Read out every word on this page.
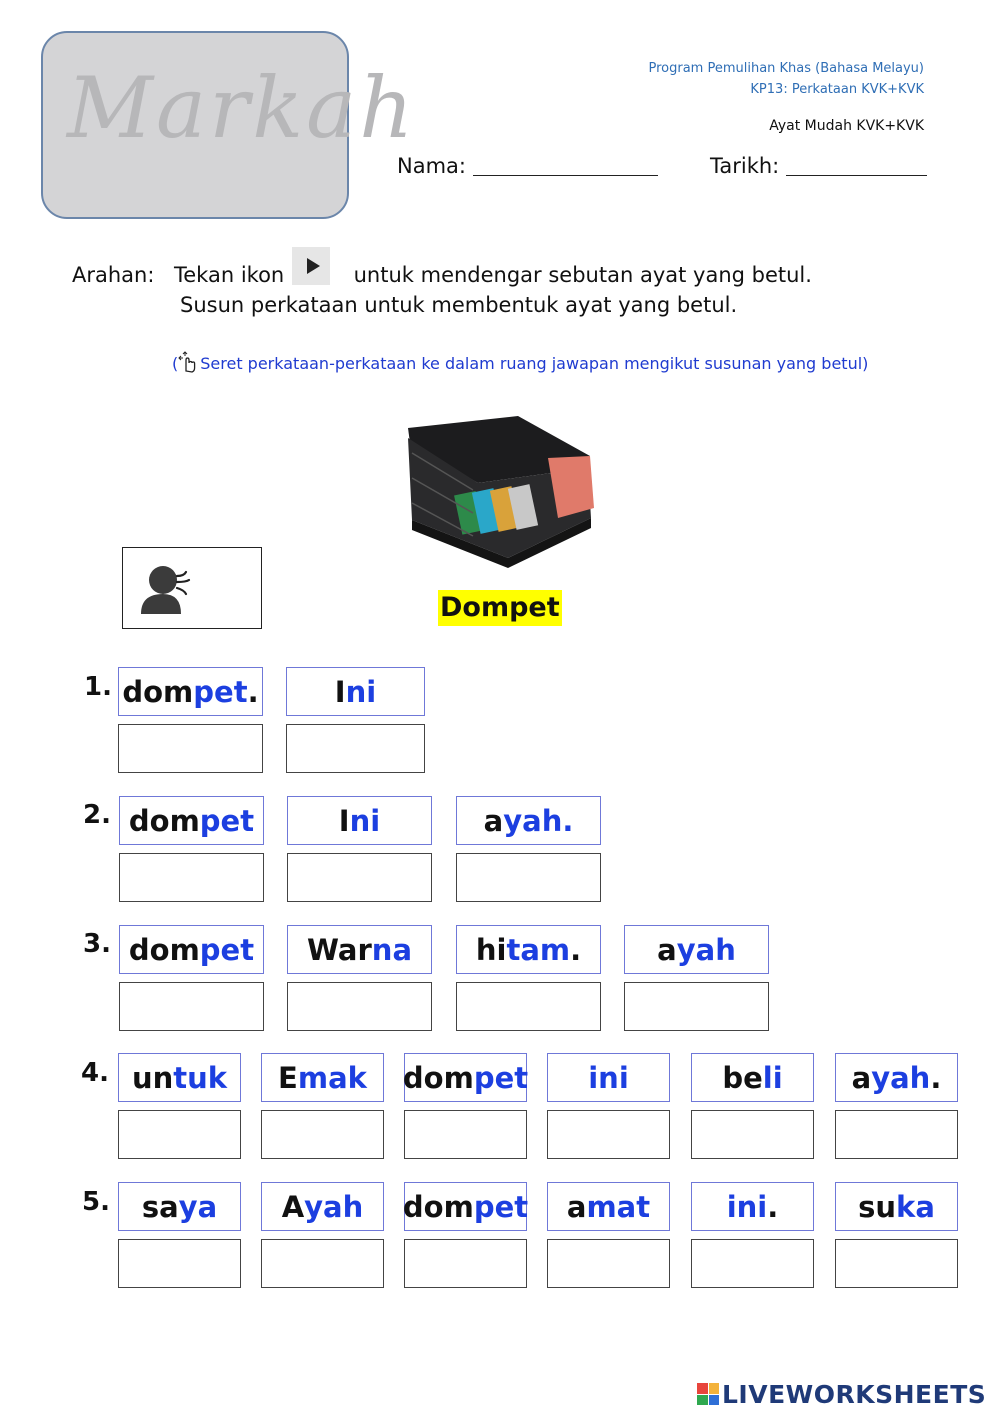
Markah	Program Pemulihan Khas (Bahasa Melayu)
KP13: Perkataan KVK+KVK
Ayat Mudah KVK+KVK
Nama:	Tarikh:
Arahan: Tekan ikon	untuk mendengar sebutan ayat yang betul.
Susun perkataan untuk membentuk ayat yang betul.
( Seret perkataan-perkataan ke dalam ruang jawapan mengikut susunan yang betul)
Dompet
1.
2.
3.
4.
5.
dom pet .	I ni
dom pet	I ni	a yah.
dom pet War na hi tam .	a yah
un tuk E mak dom pet ini	be li a yah .
sa ya A yah dom pet a mat	ini .	su ka
LIVEWORKSHEETS
